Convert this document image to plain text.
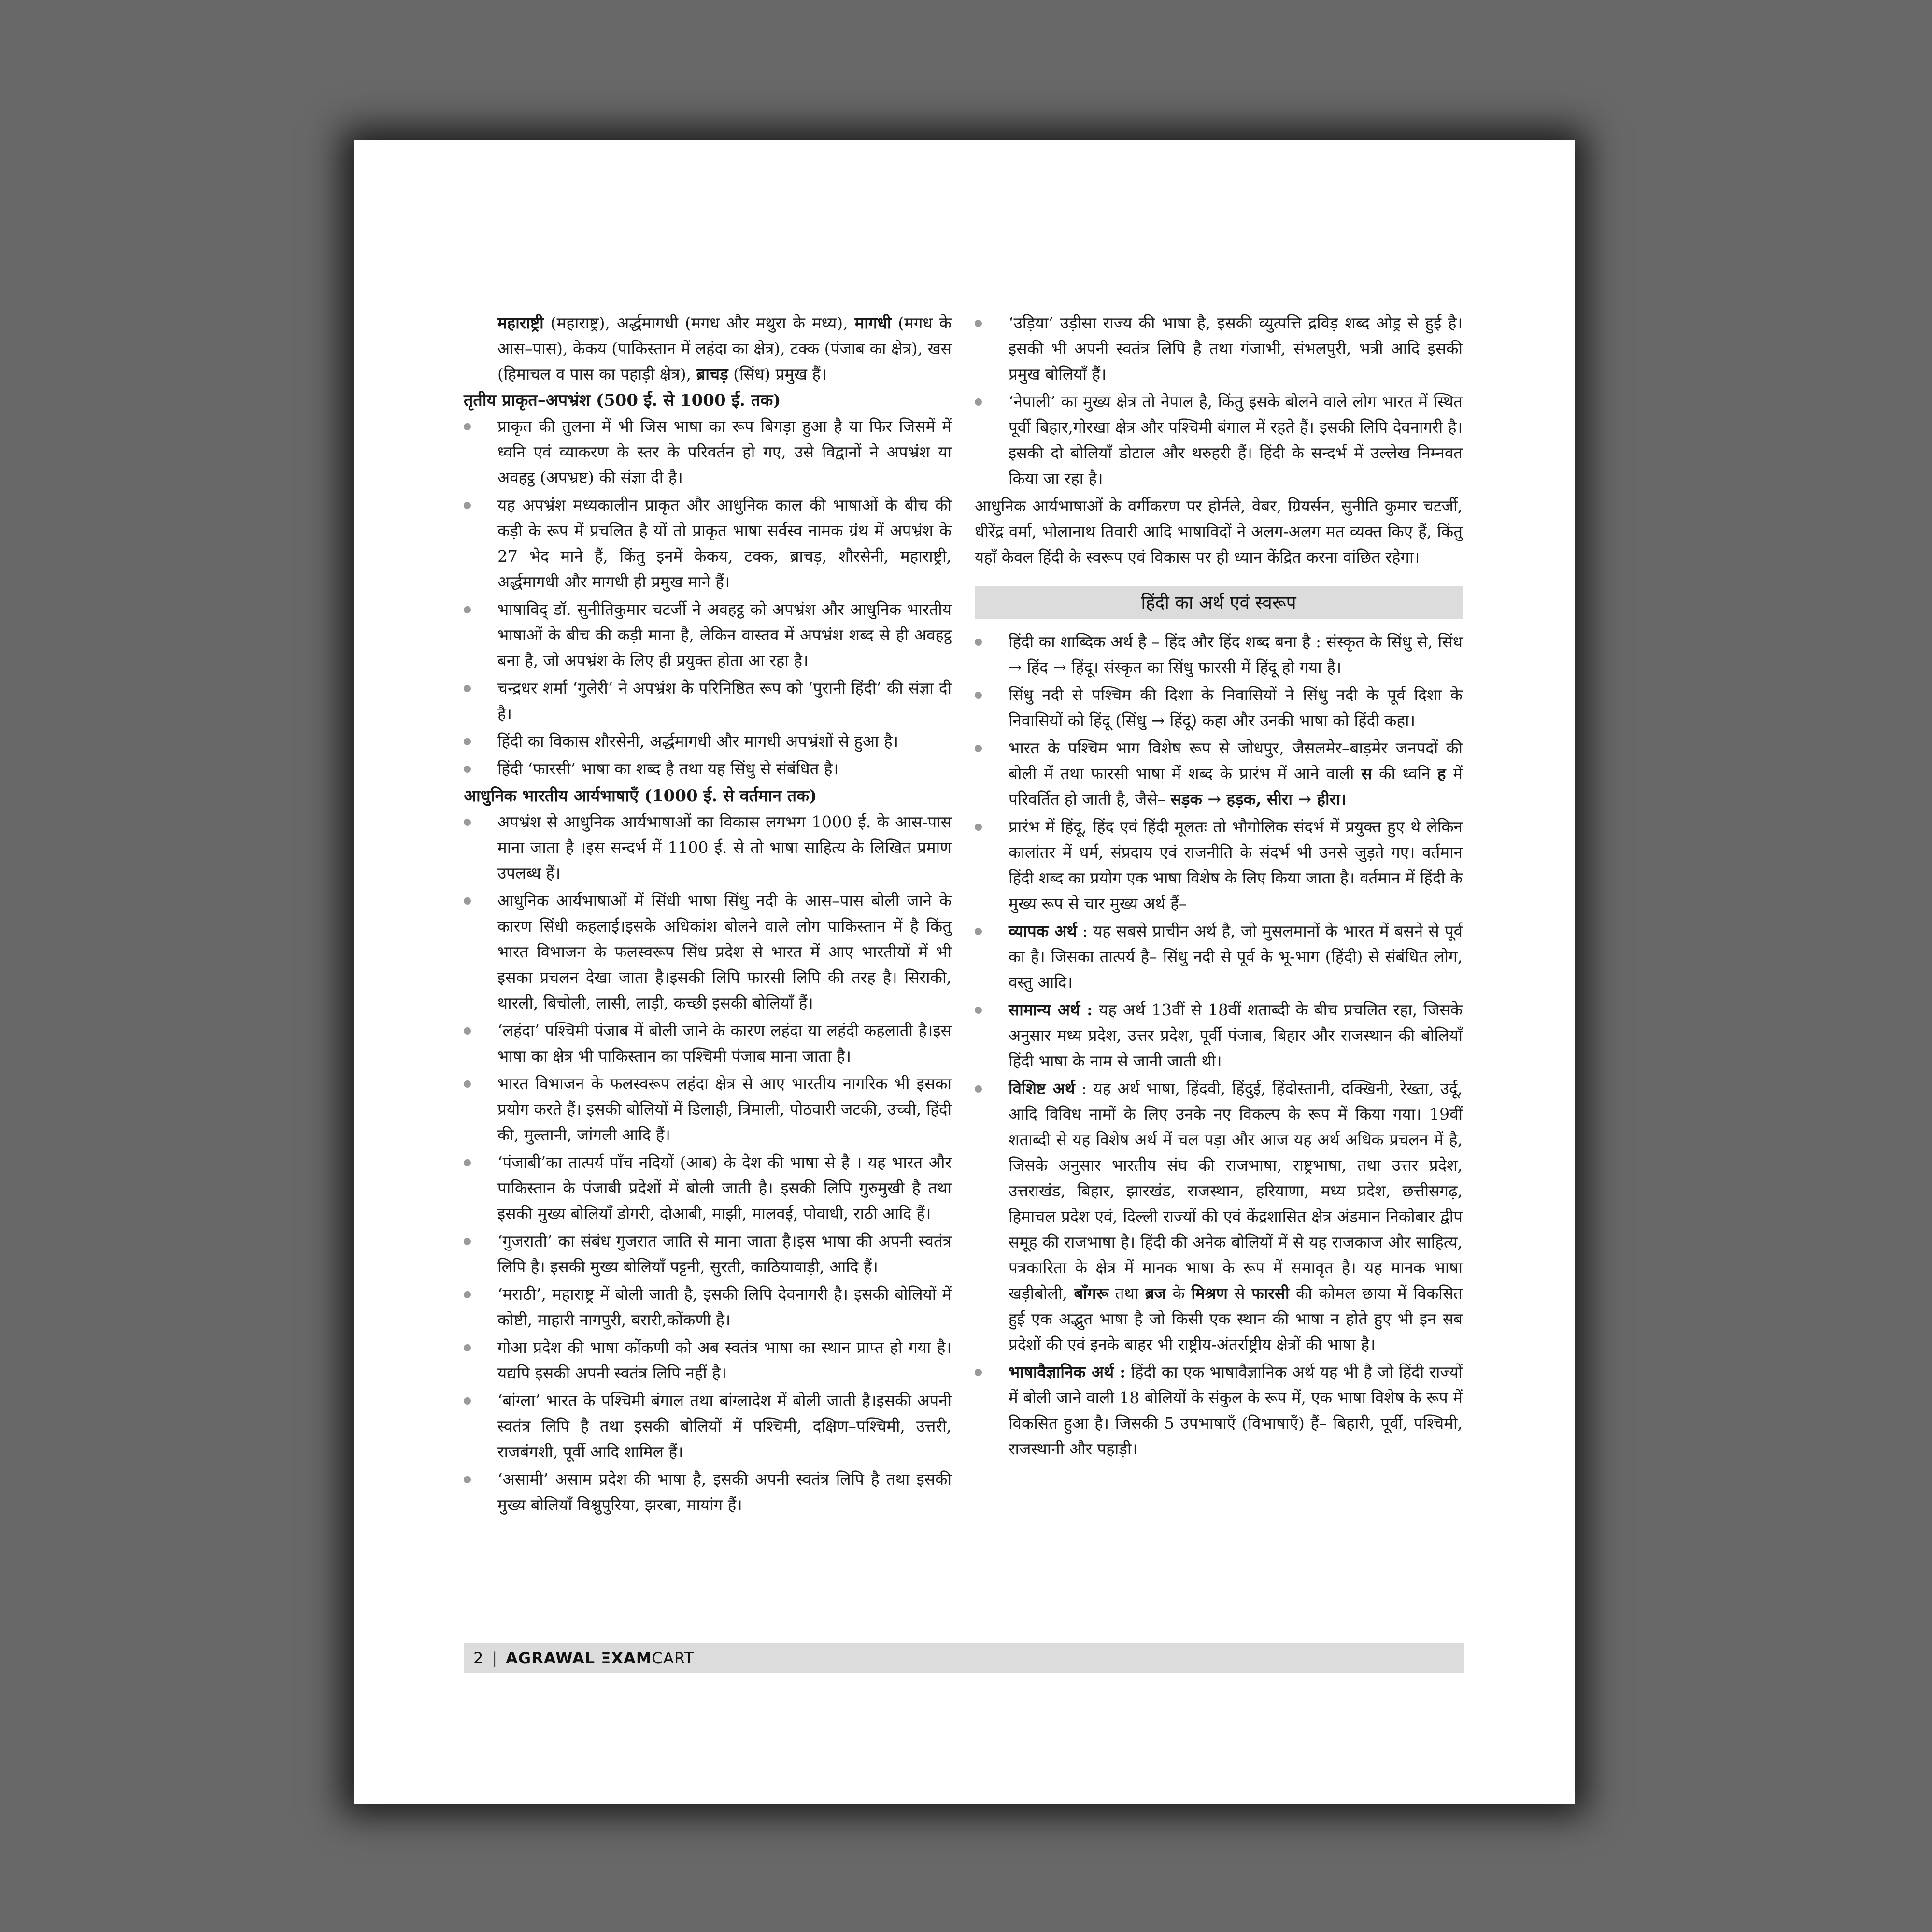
महाराष्ट्री (महाराष्ट्र), अर्द्धमागधी (मगध और मथुरा के मध्य), मागधी (मगध के आस–पास), केकय (पाकिस्तान में लहंदा का क्षेत्र), टक्क (पंजाब का क्षेत्र), खस (हिमाचल व पास का पहाड़ी क्षेत्र), ब्राचड़ (सिंध) प्रमुख हैं।

तृतीय प्राकृत–अपभ्रंश (500 ई. से 1000 ई. तक)

प्राकृत की तुलना में भी जिस भाषा का रूप बिगड़ा हुआ है या फिर जिसमें में ध्वनि एवं व्याकरण के स्तर के परिवर्तन हो गए, उसे विद्वानों ने अपभ्रंश या अवहट्ठ (अपभ्रष्ट) की संज्ञा दी है।
यह अपभ्रंश मध्यकालीन प्राकृत और आधुनिक काल की भाषाओं के बीच की कड़ी के रूप में प्रचलित है यों तो प्राकृत भाषा सर्वस्व नामक ग्रंथ में अपभ्रंश के 27 भेद माने हैं, किंतु इनमें केकय, टक्क, ब्राचड़, शौरसेनी, महाराष्ट्री, अर्द्धमागधी और मागधी ही प्रमुख माने हैं।
भाषाविद् डॉ. सुनीतिकुमार चटर्जी ने अवहट्ठ को अपभ्रंश और आधुनिक भारतीय भाषाओं के बीच की कड़ी माना है, लेकिन वास्तव में अपभ्रंश शब्द से ही अवहट्ठ बना है, जो अपभ्रंश के लिए ही प्रयुक्त होता आ रहा है।
चन्द्रधर शर्मा ‘गुलेरी’ ने अपभ्रंश के परिनिष्ठित रूप को ‘पुरानी हिंदी’ की संज्ञा दी है।
हिंदी का विकास शौरसेनी, अर्द्धमागधी और मागधी अपभ्रंशों से हुआ है।
हिंदी ‘फारसी’ भाषा का शब्द है तथा यह सिंधु से संबंधित है।

आधुनिक भारतीय आर्यभाषाएँ (1000 ई. से वर्तमान तक)

अपभ्रंश से आधुनिक आर्यभाषाओं का विकास लगभग 1000 ई. के आस-पास माना जाता है ।इस सन्दर्भ में 1100 ई. से तो भाषा साहित्य के लिखित प्रमाण उपलब्ध हैं।
आधुनिक आर्यभाषाओं में सिंधी भाषा सिंधु नदी के आस–पास बोली जाने के कारण सिंधी कहलाई।इसके अधिकांश बोलने वाले लोग पाकिस्तान में है किंतु भारत विभाजन के फलस्वरूप सिंध प्रदेश से भारत में आए भारतीयों में भी इसका प्रचलन देखा जाता है।इसकी लिपि फारसी लिपि की तरह है। सिराकी, थारली, बिचोली, लासी, लाड़ी, कच्छी इसकी बोलियाँ हैं।
‘लहंदा’ पश्चिमी पंजाब में बोली जाने के कारण लहंदा या लहंदी कहलाती है।इस भाषा का क्षेत्र भी पाकिस्तान का पश्चिमी पंजाब माना जाता है।
भारत विभाजन के फलस्वरूप लहंदा क्षेत्र से आए भारतीय नागरिक भी इसका प्रयोग करते हैं। इसकी बोलियों में डिलाही, त्रिमाली, पोठवारी जटकी, उच्ची, हिंदी की, मुल्तानी, जांगली आदि हैं।
‘पंजाबी’का तात्पर्य पाँच नदियों (आब) के देश की भाषा से है । यह भारत और पाकिस्तान के पंजाबी प्रदेशों में बोली जाती है। इसकी लिपि गुरुमुखी है तथा इसकी मुख्य बोलियाँ डोगरी, दोआबी, माझी, मालवई, पोवाधी, राठी आदि हैं।
‘गुजराती’ का संबंध गुजरात जाति से माना जाता है।इस भाषा की अपनी स्वतंत्र लिपि है। इसकी मुख्य बोलियाँ पट्टनी, सुरती, काठियावाड़ी, आदि हैं।
‘मराठी’, महाराष्ट्र में बोली जाती है, इसकी लिपि देवनागरी है। इसकी बोलियों में कोष्टी, माहारी नागपुरी, बरारी,कोंकणी है।
गोआ प्रदेश की भाषा कोंकणी को अब स्वतंत्र भाषा का स्थान प्राप्त हो गया है। यद्यपि इसकी अपनी स्वतंत्र लिपि नहीं है।
‘बांग्ला’ भारत के पश्चिमी बंगाल तथा बांग्लादेश में बोली जाती है।इसकी अपनी स्वतंत्र लिपि है तथा इसकी बोलियों में पश्चिमी, दक्षिण–पश्चिमी, उत्तरी, राजबंगशी, पूर्वी आदि शामिल हैं।
‘असामी’ असाम प्रदेश की भाषा है, इसकी अपनी स्वतंत्र लिपि है तथा इसकी मुख्य बोलियाँ विश्नुपुरिया, झरबा, मायांग हैं।
‘उड़िया’ उड़ीसा राज्य की भाषा है, इसकी व्युत्पत्ति द्रविड़ शब्द ओड्र से हुई है। इसकी भी अपनी स्वतंत्र लिपि है तथा गंजाभी, संभलपुरी, भत्री आदि इसकी प्रमुख बोलियाँ हैं।
‘नेपाली’ का मुख्य क्षेत्र तो नेपाल है, किंतु इसके बोलने वाले लोग भारत में स्थित पूर्वी बिहार,गोरखा क्षेत्र और पश्चिमी बंगाल में रहते हैं। इसकी लिपि देवनागरी है। इसकी दो बोलियाँ डोटाल और थरुहरी हैं। हिंदी के सन्दर्भ में उल्लेख निम्नवत किया जा रहा है।

आधुनिक आर्यभाषाओं के वर्गीकरण पर होर्नले, वेबर, ग्रियर्सन, सुनीति कुमार चटर्जी, धीरेंद्र वर्मा, भोलानाथ तिवारी आदि भाषाविदों ने अलग-अलग मत व्यक्त किए हैं, किंतु यहाँ केवल हिंदी के स्वरूप एवं विकास पर ही ध्यान केंद्रित करना वांछित रहेगा।

हिंदी का अर्थ एवं स्वरूप
हिंदी का शाब्दिक अर्थ है – हिंद और हिंद शब्द बना है : संस्कृत के सिंधु से, सिंध → हिंद → हिंदू। संस्कृत का सिंधु फारसी में हिंदू हो गया है।
सिंधु नदी से पश्चिम की दिशा के निवासियों ने सिंधु नदी के पूर्व दिशा के निवासियों को हिंदू (सिंधु → हिंदू) कहा और उनकी भाषा को हिंदी कहा।
भारत के पश्चिम भाग विशेष रूप से जोधपुर, जैसलमेर–बाड़मेर जनपदों की बोली में तथा फारसी भाषा में शब्द के प्रारंभ में आने वाली स की ध्वनि ह में परिवर्तित हो जाती है, जैसे– सड़क → हड़क, सीरा → हीरा।
प्रारंभ में हिंदू, हिंद एवं हिंदी मूलतः तो भौगोलिक संदर्भ में प्रयुक्त हुए थे लेकिन कालांतर में धर्म, संप्रदाय एवं राजनीति के संदर्भ भी उनसे जुड़ते गए। वर्तमान हिंदी शब्द का प्रयोग एक भाषा विशेष के लिए किया जाता है। वर्तमान में हिंदी के मुख्य रूप से चार मुख्य अर्थ हैं–
व्यापक अर्थ : यह सबसे प्राचीन अर्थ है, जो मुसलमानों के भारत में बसने से पूर्व का है। जिसका तात्पर्य है– सिंधु नदी से पूर्व के भू-भाग (हिंदी) से संबंधित लोग, वस्तु आदि।
सामान्य अर्थ : यह अर्थ 13वीं से 18वीं शताब्दी के बीच प्रचलित रहा, जिसके अनुसार मध्य प्रदेश, उत्तर प्रदेश, पूर्वी पंजाब, बिहार और राजस्थान की बोलियाँ हिंदी भाषा के नाम से जानी जाती थी।
विशिष्ट अर्थ : यह अर्थ भाषा, हिंदवी, हिंदुई, हिंदोस्तानी, दक्खिनी, रेख्ता, उर्दू, आदि विविध नामों के लिए उनके नए विकल्प के रूप में किया गया। 19वीं शताब्दी से यह विशेष अर्थ में चल पड़ा और आज यह अर्थ अधिक प्रचलन में है, जिसके अनुसार भारतीय संघ की राजभाषा, राष्ट्रभाषा, तथा उत्तर प्रदेश, उत्तराखंड, बिहार, झारखंड, राजस्थान, हरियाणा, मध्य प्रदेश, छत्तीसगढ़, हिमाचल प्रदेश एवं, दिल्ली राज्यों की एवं केंद्रशासित क्षेत्र अंडमान निकोबार द्वीप समूह की राजभाषा है। हिंदी की अनेक बोलियों में से यह राजकाज और साहित्य, पत्रकारिता के क्षेत्र में मानक भाषा के रूप में समावृत है। यह मानक भाषा खड़ीबोली, बाँगरू तथा ब्रज के मिश्रण से फारसी की कोमल छाया में विकसित हुई एक अद्भुत भाषा है जो किसी एक स्थान की भाषा न होते हुए भी इन सब प्रदेशों की एवं इनके बाहर भी राष्ट्रीय-अंतर्राष्ट्रीय क्षेत्रों की भाषा है।
भाषावैज्ञानिक अर्थ : हिंदी का एक भाषावैज्ञानिक अर्थ यह भी है जो हिंदी राज्यों में बोली जाने वाली 18 बोलियों के संकुल के रूप में, एक भाषा विशेष के रूप में विकसित हुआ है। जिसकी 5 उपभाषाएँ (विभाषाएँ) हैं– बिहारी, पूर्वी, पश्चिमी, राजस्थानी और पहाड़ी।
2 | AGRAWAL ΞXAM CART
